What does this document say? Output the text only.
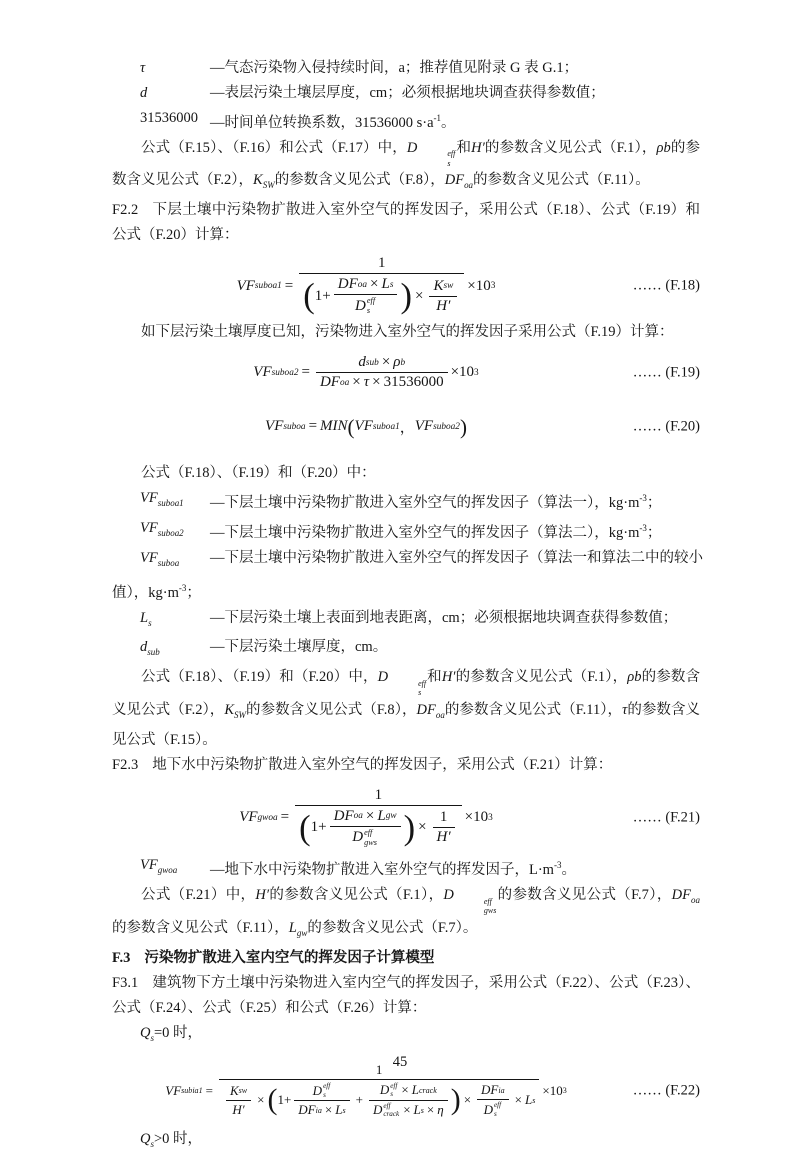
τ	—气态污染物入侵持续时间，a；推荐值见附录 G 表 G.1；
d	—表层污染土壤层厚度，cm；必须根据地块调查获得参数值；
31536000 —时间单位转换系数，31536000 $s\cdot a^{-1}$。

公式（F.15）、（F.16）和公式（F.17）中，D	eff
s
和H′的参数含义见公式（F.1），ρb的参数含义见公式（F.2），$K_{SW}$的参数含义见公式（F.8），$DF_{oa}$的参数含义见公式（F.11）。

F2.2 下层土壤中污染物扩散进入室外空气的挥发因子，采用公式（F.18）、公式（F.19）和公式（F.20）计算：

VF suboa1 =
1
( 1+ DF oa × L s
D eff
s ) × $\frac{\text{K sw}}{H'} \times 10$ 3	…… (F.18)

如下层污染土壤厚度已知，污染物进入室外空气的挥发因子采用公式（F.19）计算：

VF suboa2 = $\frac{\text{d sub × ρ b}}{\text{DF oa × τ × 31536000}} \times 10$ 3	…… (F.19)
VF suboa = MIN ( VF suboa1 ， VF suboa2 )	…… (F.20)

公式（F.18）、（F.19）和（F.20）中：

$VF_{suboa1}$	—下层土壤中污染物扩散进入室外空气的挥发因子（算法一），$kg\cdot m^{-3}$；
$VF_{suboa2}$	—下层土壤中污染物扩散进入室外空气的挥发因子（算法二），$kg\cdot m^{-3}$；
$VF_{suboa}$	—下层土壤中污染物扩散进入室外空气的挥发因子（算法一和算法二中的较小

值），$kg\cdot m^{-3}$；

$L_s$	—下层污染土壤上表面到地表距离，cm；必须根据地块调查获得参数值；
$d_{sub}$	—下层污染土壤厚度，cm。

公式（F.18）、（F.19）和（F.20）中，D	eff
s
和H′的参数含义见公式（F.1），ρb的参数含义见公式（F.2），$K_{SW}$的参数含义见公式（F.8），$DF_{oa}$的参数含义见公式（F.11），τ的参数含义见公式（F.15）。

F2.3 地下水中污染物扩散进入室外空气的挥发因子，采用公式（F.21）计算：

VF gwoa =
1
( 1+ DF oa × L gw
D eff
gws ) × $\frac{1}{H'} \times 10$ 3	…… (F.21)
$VF_{gwoa}$	—地下水中污染物扩散进入室外空气的挥发因子，$L\cdot m^{-3}$。

公式（F.21）中，H′的参数含义见公式（F.1），D	eff
gws
的参数含义见公式（F.7），$DF_{oa}$的参数含义见公式（F.11），$L_{gw}$的参数含义见公式（F.7）。

F.3 污染物扩散进入室内空气的挥发因子计算模型

F3.1 建筑物下方土壤中污染物进入室内空气的挥发因子，采用公式（F.22）、公式（F.23）、公式（F.24）、公式（F.25）和公式（F.26）计算：

$Q_s=0$ 时，

VF subia1 =
1
$\frac{\text{K sw}}{H'}$ × ( 1+ D eff
s
DF ia × L s + D eff
s × L crack
D eff
crack × L s × η ) × DF ia
D eff
s × L s
×10 3	…… (F.22)

$Q_s>0$ 时，

45
